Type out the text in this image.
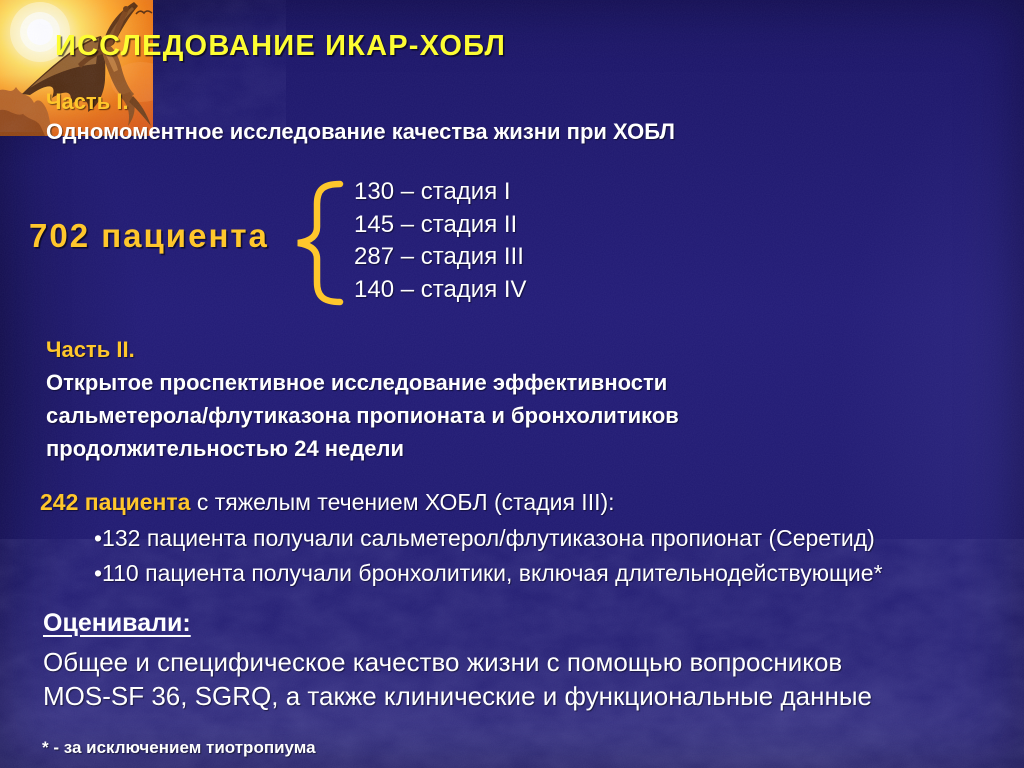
ИССЛЕДОВАНИЕ ИКАР-ХОБЛ
Часть I.
Одномоментное исследование качества жизни при ХОБЛ
702 пациента
130 – стадия I
145 – стадия II
287 – стадия III
140 – стадия IV
Часть II.
Открытое проспективное исследование эффективности
сальметерола/флутиказона пропионата и бронхолитиков
продолжительностью 24 недели
242 пациента с тяжелым течением ХОБЛ (стадия III):
•132 пациента получали сальметерол/флутиказона пропионат (Серетид)
•110 пациента получали бронхолитики, включая длительнодействующие*
Оценивали:
Общее и специфическое качество жизни с помощью вопросников
MOS-SF 36, SGRQ, а также клинические и функциональные данные
* - за исключением тиотропиума
